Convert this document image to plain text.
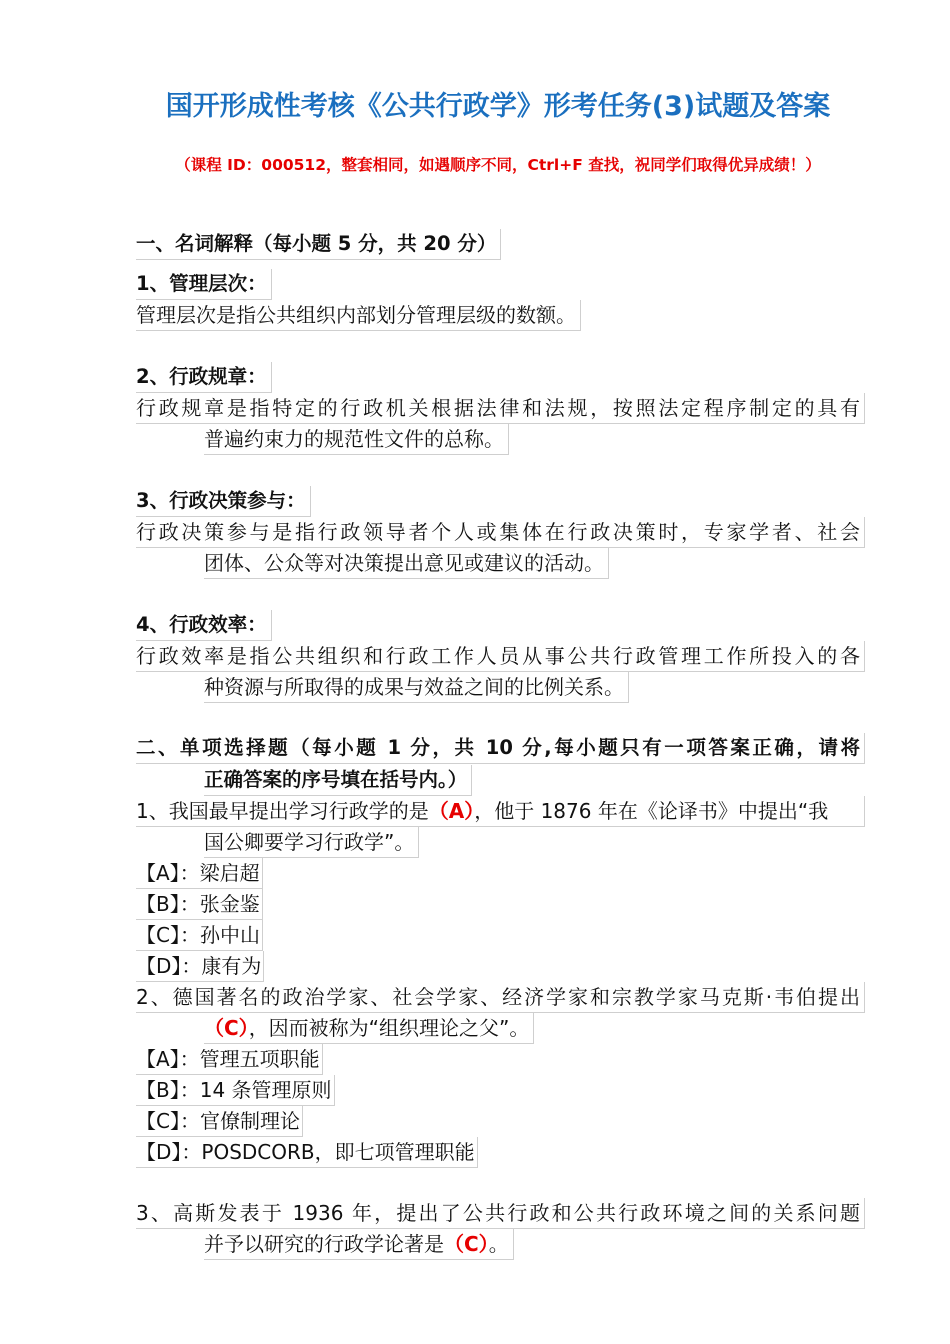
国开形成性考核《公共行政学》形考任务(3)试题及答案
（课程 ID：000512，整套相同，如遇顺序不同，Ctrl+F 查找，祝同学们取得优异成绩！）
一、名词解释（每小题 5 分，共 20 分）
1、管理层次：
管理层次是指公共组织内部划分管理层级的数额。
2、行政规章：
行政规章是指特定的行政机关根据法律和法规，按照法定程序制定的具有
普遍约束力的规范性文件的总称。
3、行政决策参与：
行政决策参与是指行政领导者个人或集体在行政决策时，专家学者、社会
团体、公众等对决策提出意见或建议的活动。
4、行政效率：
行政效率是指公共组织和行政工作人员从事公共行政管理工作所投入的各
种资源与所取得的成果与效益之间的比例关系。
二、单项选择题（每小题 1 分，共 10 分,每小题只有一项答案正确，请将
正确答案的序号填在括号内。）
1、我国最早提出学习行政学的是（A），他于 1876 年在《论译书》中提出“我
国公卿要学习行政学”。
【A】：梁启超
【B】：张金鉴
【C】：孙中山
【D】：康有为
2、德国著名的政治学家、社会学家、经济学家和宗教学家马克斯·韦伯提出
（C），因而被称为“组织理论之父”。
【A】：管理五项职能
【B】：14 条管理原则
【C】：官僚制理论
【D】：POSDCORB，即七项管理职能
3、高斯发表于 1936 年，提出了公共行政和公共行政环境之间的关系问题
并予以研究的行政学论著是（C）。
